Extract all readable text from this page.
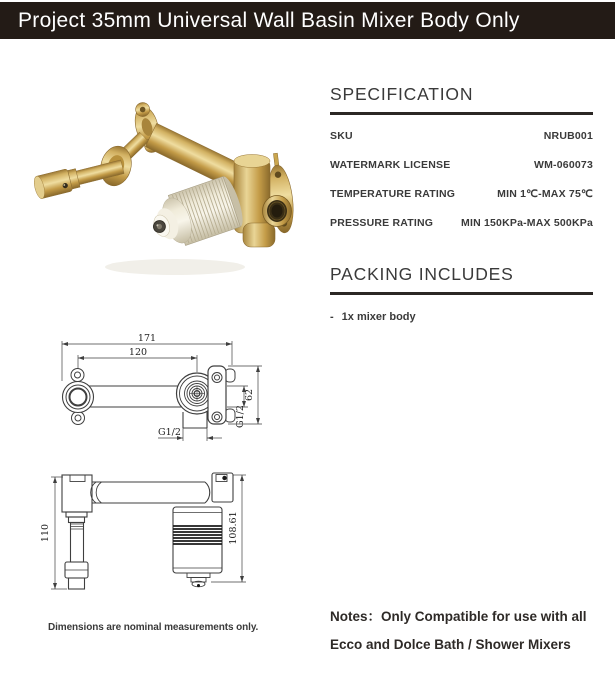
Project 35mm Universal Wall Basin Mixer Body Only
SPECIFICATION
SKU	NRUB001
WATERMARK LICENSE	WM-060073
TEMPERATURE RATING	MIN 1℃-MAX 75℃
PRESSURE RATING	MIN 150KPa-MAX 500KPa
PACKING INCLUDES
- 1x mixer body
171
120
62
G1/2
G1/2
110	108.61
Dimensions are nominal measurements only.
Notes：Only Compatible for use with all
Ecco and Dolce Bath / Shower Mixers
